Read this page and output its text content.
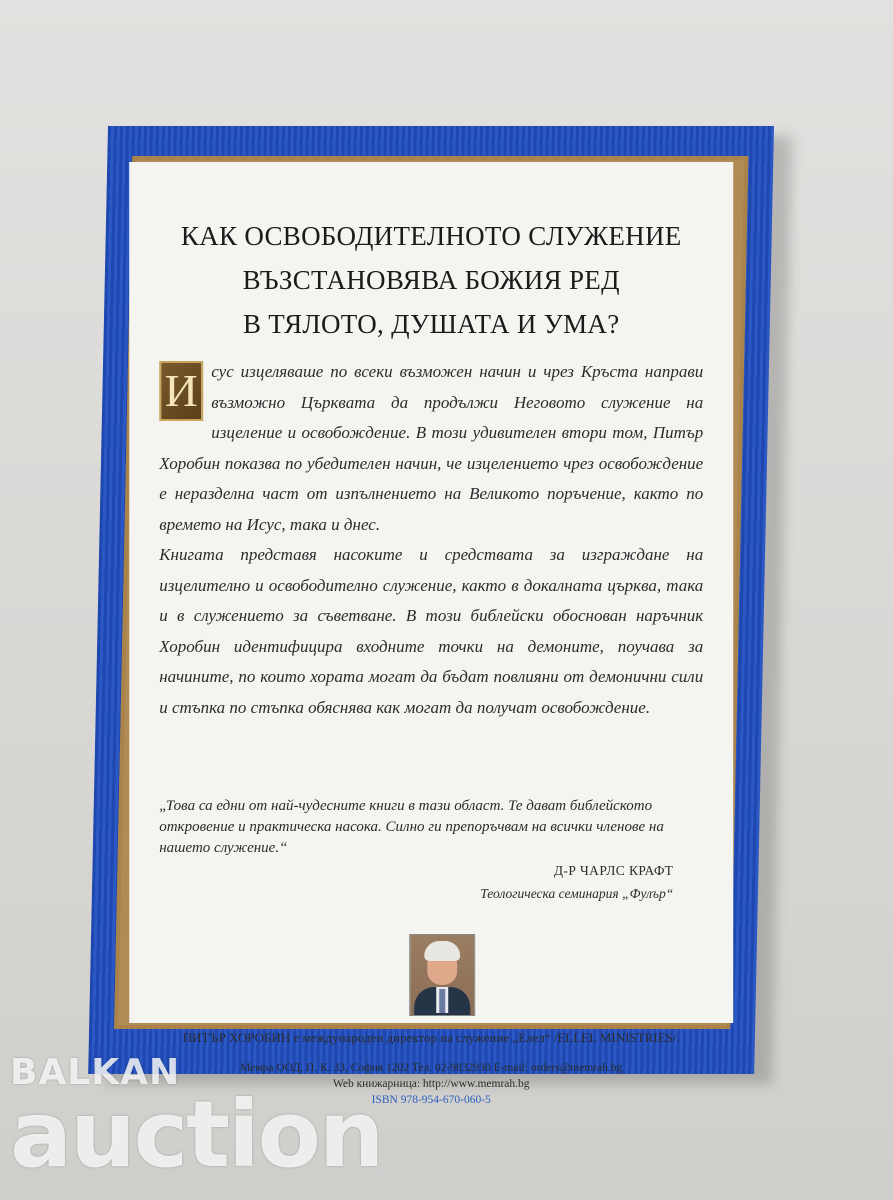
КАК ОСВОБОДИТЕЛНОТО СЛУЖЕНИЕ
ВЪЗСТАНОВЯВА БОЖИЯ РЕД
В ТЯЛОТО, ДУШАТА И УМА?

И сус изцеляваше по всеки възможен начин и чрез Кръста направи възможно Църквата да продължи Неговото служение на изцеление и освобождение. В този удивителен втори том, Питър Хоробин показва по убедителен начин, че изцелението чрез освобождение е неразделна част от изпълнението на Великото поръчение, както по времето на Исус, така и днес.

Книгата представя насоките и средствата за изграждане на изцелително и освободително служение, както в докалната църква, така и в служението за съветване. В този библейски обоснован наръчник Хоробин идентифицира входните точки на демоните, поучава за начините, по които хората могат да бъдат повлияни от демонични сили и стъпка по стъпка обяснява как могат да получат освобождение.

„Това са едни от най-чудесните книги в тази област. Те дават библейското откровение и практическа насока. Силно ги препоръчвам на всички членове на нашето служение.“
Д-Р ЧАРЛС КРАФТ
Теологическа семинария „Фулър“
ПИТЪР ХОРОБИН е международен директор на служение „Елел“ /ELLEL MINISTRIES/.
Мемра ООД, П. К. 33, София 1202 Тел. 02-9832930 E-mail: orders@memrah.bg
Web книжарница: http://www.memrah.bg
ISBN 978-954-670-060-5
BALKAN
auction
